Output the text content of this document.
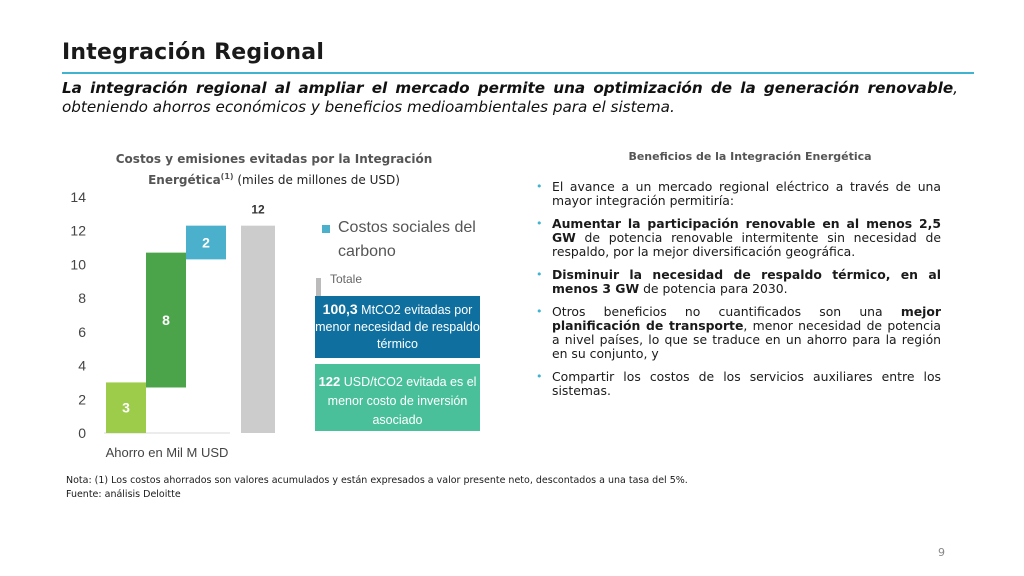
Integración Regional
La integración regional al ampliar el mercado permite una optimización de la generación renovable, obteniendo ahorros económicos y beneficios medioambientales para el sistema.
Costos y emisiones evitadas por la Integración Energética$^{(1)}$ (miles de millones de USD)
0
2
4
6
8
10
12
14
3
8
2
12
Ahorro en Mil M USD
Costos sociales del carbono
Totale
100,3 MtCO2 evitadas por menor necesidad de respaldo térmico
122 USD/tCO2 evitada es el menor costo de inversión asociado
Beneficios de la Integración Energética
• El avance a un mercado regional eléctrico a través de una mayor integración permitiría:
• Aumentar la participación renovable en al menos 2,5 GW de potencia renovable intermitente sin necesidad de respaldo, por la mejor diversificación geográfica.
• Disminuir la necesidad de respaldo térmico, en al menos 3 GW de potencia para 2030.
• Otros beneficios no cuantificados son una mejor planificación de transporte, menor necesidad de potencia a nivel países, lo que se traduce en un ahorro para la región en su conjunto, y
• Compartir los costos de los servicios auxiliares entre los sistemas.
Nota: (1) Los costos ahorrados son valores acumulados y están expresados a valor presente neto, descontados a una tasa del 5%.
Fuente: análisis Deloitte
9
